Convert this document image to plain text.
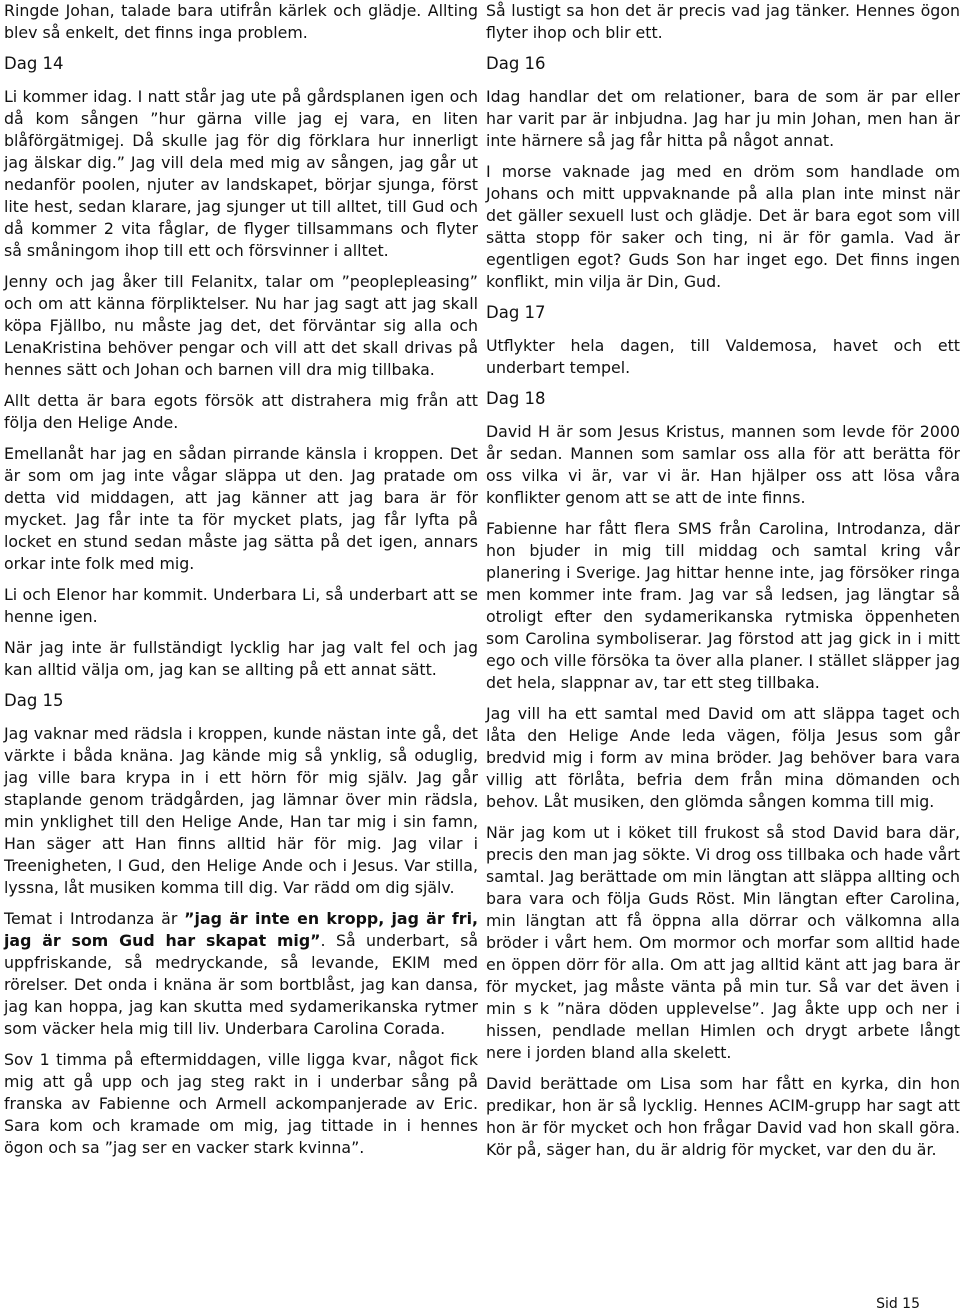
Ringde Johan, talade bara utifrån kärlek och glädje. Allting blev så enkelt, det finns inga problem.

Dag 14

Li kommer idag. I natt står jag ute på gårdsplanen igen och då kom sången ”hur gärna ville jag ej vara, en liten blåförgätmigej. Då skulle jag för dig förklara hur innerligt jag älskar dig.” Jag vill dela med mig av sången, jag går ut nedanför poolen, njuter av landskapet, börjar sjunga, först lite hest, sedan klarare, jag sjunger ut till alltet, till Gud och då kommer 2 vita fåglar, de flyger tillsammans och flyter så småningom ihop till ett och försvinner i alltet.

Jenny och jag åker till Felanitx, talar om ”peoplepleasing” och om att känna förpliktelser. Nu har jag sagt att jag skall köpa Fjällbo, nu måste jag det, det förväntar sig alla och LenaKristina behöver pengar och vill att det skall drivas på hennes sätt och Johan och barnen vill dra mig tillbaka.

Allt detta är bara egots försök att distrahera mig från att följa den Helige Ande.

Emellanåt har jag en sådan pirrande känsla i kroppen. Det är som om jag inte vågar släppa ut den. Jag pratade om detta vid middagen, att jag känner att jag bara är för mycket. Jag får inte ta för mycket plats, jag får lyfta på locket en stund sedan måste jag sätta på det igen, annars orkar inte folk med mig.

Li och Elenor har kommit. Underbara Li, så underbart att se henne igen.

När jag inte är fullständigt lycklig har jag valt fel och jag kan alltid välja om, jag kan se allting på ett annat sätt.

Dag 15

Jag vaknar med rädsla i kroppen, kunde nästan inte gå, det värkte i båda knäna. Jag kände mig så ynklig, så oduglig, jag ville bara krypa in i ett hörn för mig själv. Jag går staplande genom trädgården, jag lämnar över min rädsla, min ynklighet till den Helige Ande, Han tar mig i sin famn, Han säger att Han finns alltid här för mig. Jag vilar i Treenigheten, I Gud, den Helige Ande och i Jesus. Var stilla, lyssna, låt musiken komma till dig. Var rädd om dig själv.

Temat i Introdanza är ”jag är inte en kropp, jag är fri, jag är som Gud har skapat mig”. Så underbart, så uppfriskande, så medryckande, så levande, EKIM med rörelser. Det onda i knäna är som bortblåst, jag kan dansa, jag kan hoppa, jag kan skutta med sydamerikanska rytmer som väcker hela mig till liv. Underbara Carolina Corada.

Sov 1 timma på eftermiddagen, ville ligga kvar, något fick mig att gå upp och jag steg rakt in i underbar sång på franska av Fabienne och Armell ackompanjerade av Eric. Sara kom och kramade om mig, jag tittade in i hennes ögon och sa ”jag ser en vacker stark kvinna”.

Så lustigt sa hon det är precis vad jag tänker. Hennes ögon flyter ihop och blir ett.

Dag 16

Idag handlar det om relationer, bara de som är par eller har varit par är inbjudna. Jag har ju min Johan, men han är inte härnere så jag får hitta på något annat.

I morse vaknade jag med en dröm som handlade om Johans och mitt uppvaknande på alla plan inte minst när det gäller sexuell lust och glädje. Det är bara egot som vill sätta stopp för saker och ting, ni är för gamla. Vad är egentligen egot? Guds Son har inget ego. Det finns ingen konflikt, min vilja är Din, Gud.

Dag 17

Utflykter hela dagen, till Valdemosa, havet och ett underbart tempel.

Dag 18

David H är som Jesus Kristus, mannen som levde för 2000 år sedan. Mannen som samlar oss alla för att berätta för oss vilka vi är, var vi är. Han hjälper oss att lösa våra konflikter genom att se att de inte finns.

Fabienne har fått flera SMS från Carolina, Introdanza, där hon bjuder in mig till middag och samtal kring vår planering i Sverige. Jag hittar henne inte, jag försöker ringa men kommer inte fram. Jag var så ledsen, jag längtar så otroligt efter den sydamerikanska rytmiska öppenheten som Carolina symboliserar. Jag förstod att jag gick in i mitt ego och ville försöka ta över alla planer. I stället släpper jag det hela, slappnar av, tar ett steg tillbaka.

Jag vill ha ett samtal med David om att släppa taget och låta den Helige Ande leda vägen, följa Jesus som går bredvid mig i form av mina bröder. Jag behöver bara vara villig att förlåta, befria dem från mina dömanden och behov. Låt musiken, den glömda sången komma till mig.

När jag kom ut i köket till frukost så stod David bara där, precis den man jag sökte. Vi drog oss tillbaka och hade vårt samtal. Jag berättade om min längtan att släppa allting och bara vara och följa Guds Röst. Min längtan efter Carolina, min längtan att få öppna alla dörrar och välkomna alla bröder i vårt hem. Om mormor och morfar som alltid hade en öppen dörr för alla. Om att jag alltid känt att jag bara är för mycket, jag måste vänta på min tur. Så var det även i min s k ”nära döden upplevelse”. Jag åkte upp och ner i hissen, pendlade mellan Himlen och drygt arbete långt nere i jorden bland alla skelett.

David berättade om Lisa som har fått en kyrka, din hon predikar, hon är så lycklig. Hennes ACIM-grupp har sagt att hon är för mycket och hon frågar David vad hon skall göra. Kör på, säger han, du är aldrig för mycket, var den du är.

Sid 15
